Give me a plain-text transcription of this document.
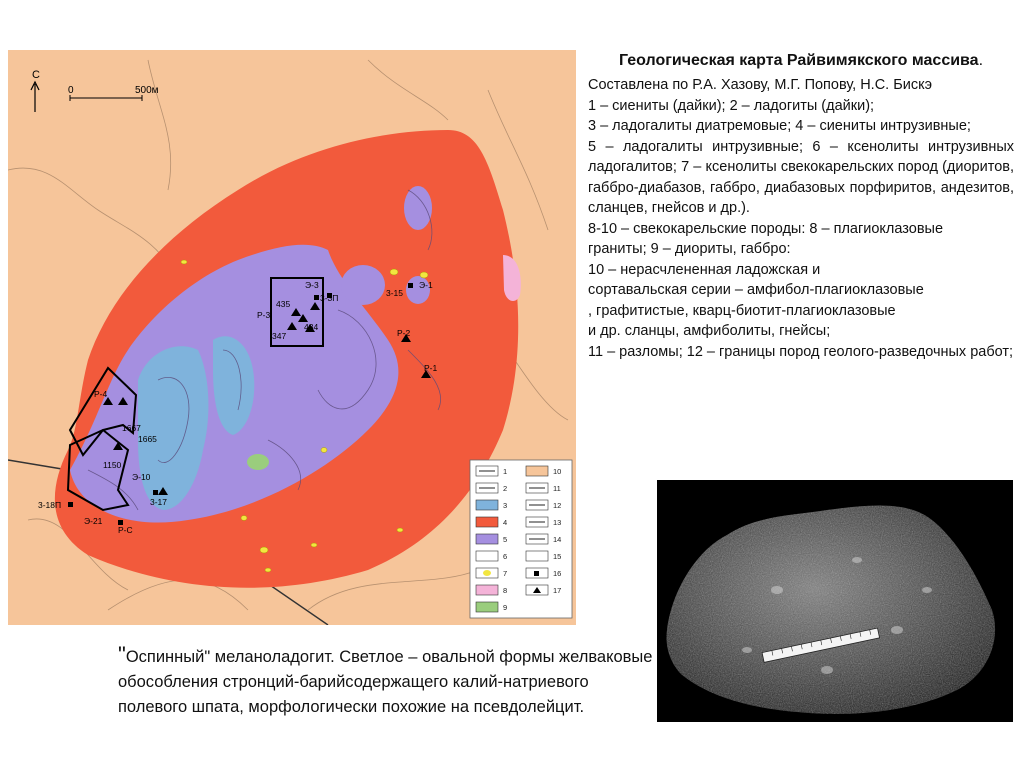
С
0	500м
Р-4
Р-3
Р-2
Р-1
Э-3
3-3П
435
434
347
Э-1
3-15
Э-10
3-17
Э-21
3-18П
Р-С
1667
1665
1150
1
2
3
4
5
6
7
8
9
10
11
12
13
14
15
16
17
Геологическая карта Райвимякского массива.

Составлена по Р.А. Хазову, М.Г. Попову, Н.С. Бискэ

1 – сиениты (дайки); 2 – ладогиты (дайки);

3 – ладогалиты диатремовые; 4 – сиениты интрузивные;

5 – ладогалиты интрузивные; 6 – ксенолиты интрузивных

ладогалитов; 7 – ксенолиты свекокарельских пород (диоритов, габбро-диабазов, габбро, диабазовых порфиритов, андезитов, сланцев, гнейсов и др.).

8-10 – свекокарельские породы: 8 – плагиоклазовые

граниты; 9 – диориты, габбро:

10 – нерасчлененная ладожская и

сортавальская серии – амфибол-плагиоклазовые

, графитистые, кварц-биотит-плагиоклазовые

и др. сланцы, амфиболиты, гнейсы;

11 – разломы; 12 – границы пород геолого-разведочных работ;

"Оспинный" меланоладогит. Светлое – овальной формы желваковые обособления стронций-барийсодержащего калий-натриевого полевого шпата, морфологически похожие на псевдолейцит.
